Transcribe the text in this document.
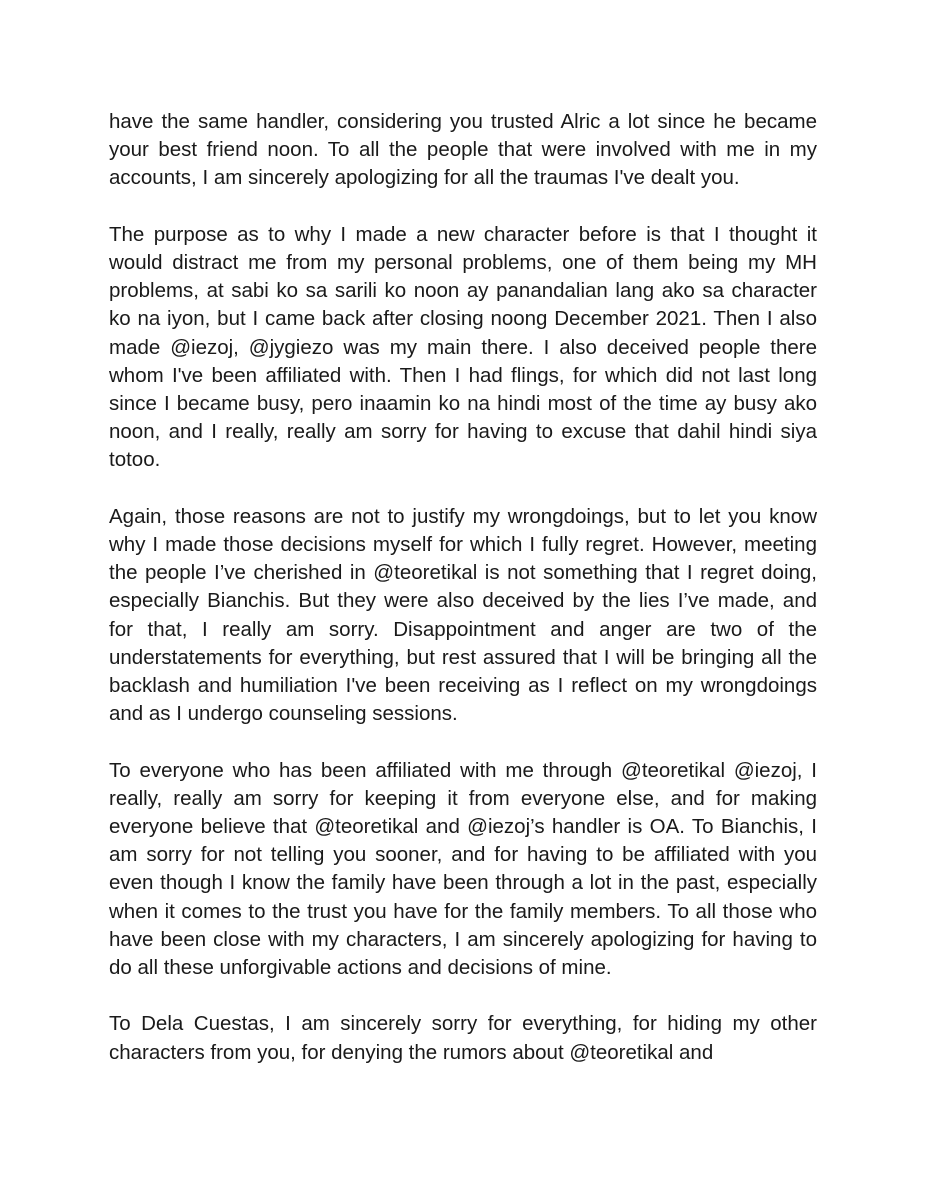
have the same handler, considering you trusted Alric a lot since he became your best friend noon. To all the people that were involved with me in my accounts, I am sincerely apologizing for all the traumas I've dealt you.

The purpose as to why I made a new character before is that I thought it would distract me from my personal problems, one of them being my MH problems, at sabi ko sa sarili ko noon ay panandalian lang ako sa character ko na iyon, but I came back after closing noong December 2021. Then I also made @iezoj, @jygiezo was my main there. I also deceived people there whom I've been affiliated with. Then I had flings, for which did not last long since I became busy, pero inaamin ko na hindi most of the time ay busy ako noon, and I really, really am sorry for having to excuse that dahil hindi siya totoo.

Again, those reasons are not to justify my wrongdoings, but to let you know why I made those decisions myself for which I fully regret. However, meeting the people I’ve cherished in @teoretikal is not something that I regret doing, especially Bianchis. But they were also deceived by the lies I’ve made, and for that, I really am sorry. Disappointment and anger are two of the understatements for everything, but rest assured that I will be bringing all the backlash and humiliation I've been receiving as I reflect on my wrongdoings and as I undergo counseling sessions.

To everyone who has been affiliated with me through @teoretikal @iezoj, I really, really am sorry for keeping it from everyone else, and for making everyone believe that @teoretikal and @iezoj’s handler is OA. To Bianchis, I am sorry for not telling you sooner, and for having to be affiliated with you even though I know the family have been through a lot in the past, especially when it comes to the trust you have for the family members. To all those who have been close with my characters, I am sincerely apologizing for having to do all these unforgivable actions and decisions of mine.

To Dela Cuestas, I am sincerely sorry for everything, for hiding my other characters from you, for denying the rumors about @teoretikal and
